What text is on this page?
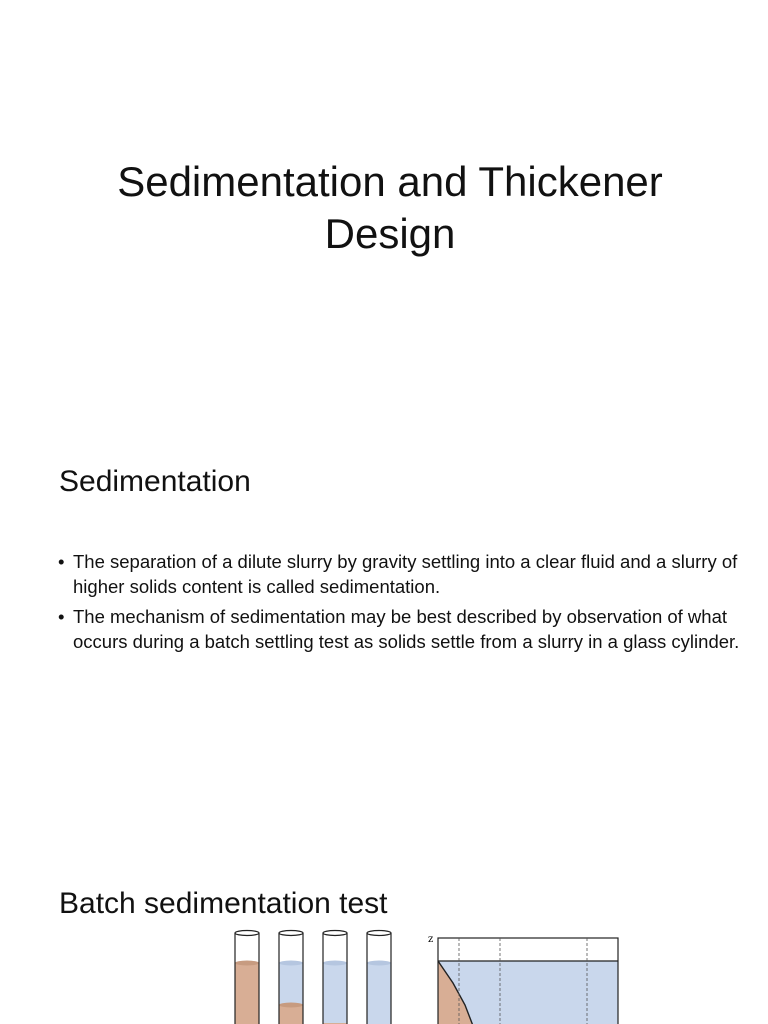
Sedimentation and Thickener
Design
Sedimentation
• The separation of a dilute slurry by gravity settling into a clear fluid and a slurry of higher solids content is called sedimentation.
• The mechanism of sedimentation may be best described by observation of what occurs during a batch settling test as solids settle from a slurry in a glass cylinder.
Batch sedimentation test
z
